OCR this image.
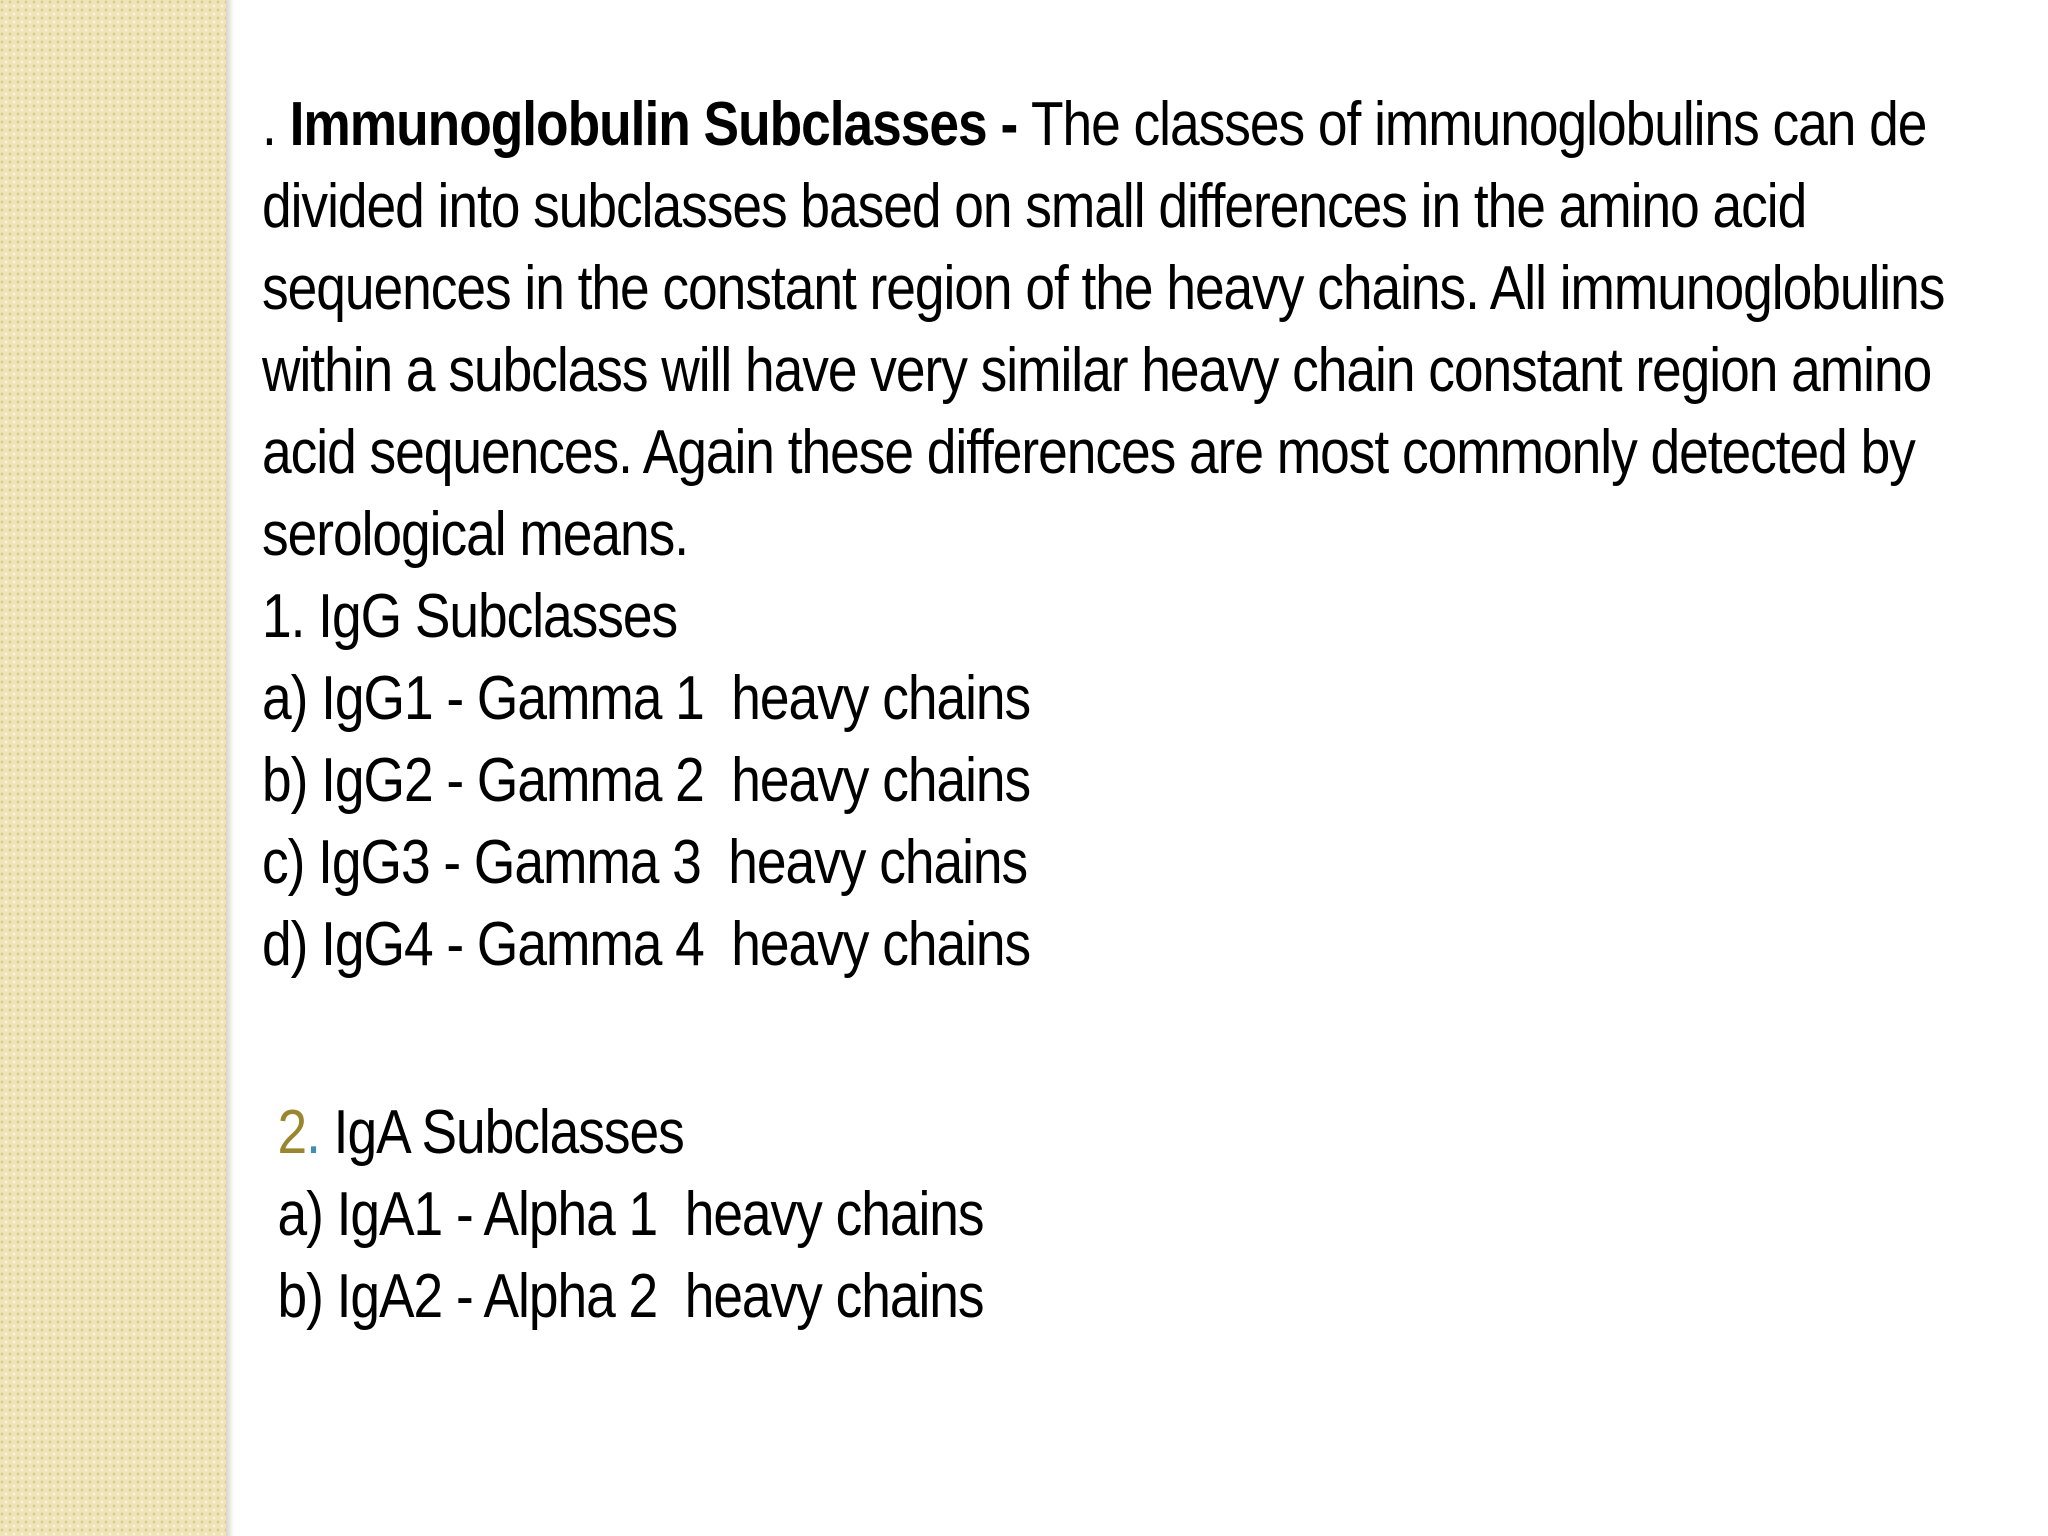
. Immunoglobulin Subclasses - The classes of immunoglobulins can de divided into subclasses based on small differences in the amino acid sequences in the constant region of the heavy chains. All immunoglobulins within a subclass will have very similar heavy chain constant region amino acid sequences. Again these differences are most commonly detected by serological means.

1. IgG Subclasses
a) IgG1 - Gamma 1  heavy chains
b) IgG2 - Gamma 2  heavy chains
c) IgG3 - Gamma 3  heavy chains
d) IgG4 - Gamma 4  heavy chains
2. IgA Subclasses
a) IgA1 - Alpha 1  heavy chains
b) IgA2 - Alpha 2  heavy chains
